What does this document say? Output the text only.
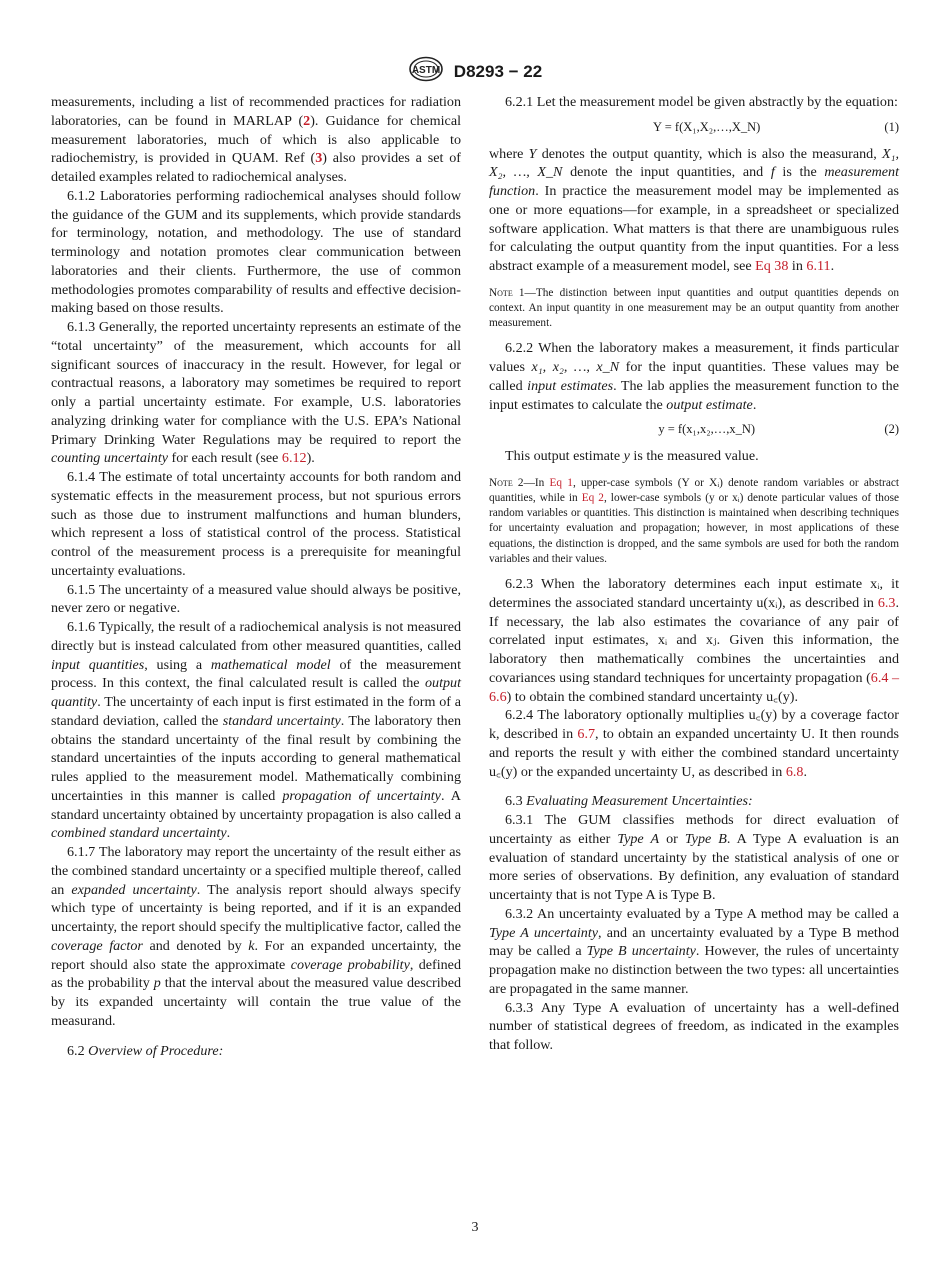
ASTM D8293 − 22

measurements, including a list of recommended practices for radiation laboratories, can be found in MARLAP (2). Guidance for chemical measurement laboratories, much of which is also applicable to radiochemistry, is provided in QUAM. Ref (3) also provides a set of detailed examples related to radiochemical analyses.

6.1.2 Laboratories performing radiochemical analyses should follow the guidance of the GUM and its supplements, which provide standards for terminology, notation, and methodology. The use of standard terminology and notation promotes clear communication between laboratories and their clients. Furthermore, the use of common methodologies promotes comparability of results and effective decision-making based on those results.

6.1.3 Generally, the reported uncertainty represents an estimate of the “total uncertainty” of the measurement, which accounts for all significant sources of inaccuracy in the result. However, for legal or contractual reasons, a laboratory may sometimes be required to report only a partial uncertainty estimate. For example, U.S. laboratories analyzing drinking water for compliance with the U.S. EPA’s National Primary Drinking Water Regulations may be required to report the counting uncertainty for each result (see 6.12).

6.1.4 The estimate of total uncertainty accounts for both random and systematic effects in the measurement process, but not spurious errors such as those due to instrument malfunctions and human blunders, which represent a loss of statistical control of the process. Statistical control of the measurement process is a prerequisite for meaningful uncertainty evaluations.

6.1.5 The uncertainty of a measured value should always be positive, never zero or negative.

6.1.6 Typically, the result of a radiochemical analysis is not measured directly but is instead calculated from other measured quantities, called input quantities, using a mathematical model of the measurement process. In this context, the final calculated result is called the output quantity. The uncertainty of each input is first estimated in the form of a standard deviation, called the standard uncertainty. The laboratory then obtains the standard uncertainty of the final result by combining the standard uncertainties of the inputs according to general mathematical rules applied to the measurement model. Mathematically combining uncertainties in this manner is called propagation of uncertainty. A standard uncertainty obtained by uncertainty propagation is also called a combined standard uncertainty.

6.1.7 The laboratory may report the uncertainty of the result either as the combined standard uncertainty or a specified multiple thereof, called an expanded uncertainty. The analysis report should always specify which type of uncertainty is being reported, and if it is an expanded uncertainty, the report should specify the multiplicative factor, called the coverage factor and denoted by k. For an expanded uncertainty, the report should also state the approximate coverage probability, defined as the probability p that the interval about the measured value described by its expanded uncertainty will contain the true value of the measurand.

6.2 Overview of Procedure:

6.2.1 Let the measurement model be given abstractly by the equation:

Y = f(X₁,X₂,…,X_N)	(1)

where Y denotes the output quantity, which is also the measurand, X₁, X₂, …, X_N denote the input quantities, and f is the measurement function. In practice the measurement model may be implemented as one or more equations—for example, in a spreadsheet or specialized software application. What matters is that there are unambiguous rules for calculating the output quantity from the input quantities. For a less abstract example of a measurement model, see Eq 38 in 6.11.

Note 1—The distinction between input quantities and output quantities depends on context. An input quantity in one measurement may be an output quantity from another measurement.

6.2.2 When the laboratory makes a measurement, it finds particular values x₁, x₂, …, x_N for the input quantities. These values may be called input estimates. The lab applies the measurement function to the input estimates to calculate the output estimate.

y = f(x₁,x₂,…,x_N)	(2)

This output estimate y is the measured value.

Note 2—In Eq 1, upper-case symbols (Y or Xᵢ) denote random variables or abstract quantities, while in Eq 2, lower-case symbols (y or xᵢ) denote particular values of those random variables or quantities. This distinction is maintained when describing techniques for uncertainty evaluation and propagation; however, in most applications of these equations, the distinction is dropped, and the same symbols are used for both the random variables and their values.

6.2.3 When the laboratory determines each input estimate xᵢ, it determines the associated standard uncertainty u(xᵢ), as described in 6.3. If necessary, the lab also estimates the covariance of any pair of correlated input estimates, xᵢ and xⱼ. Given this information, the laboratory then mathematically combines the uncertainties and covariances using standard techniques for uncertainty propagation (6.4 – 6.6) to obtain the combined standard uncertainty u꜀(y).

6.2.4 The laboratory optionally multiplies u꜀(y) by a coverage factor k, described in 6.7, to obtain an expanded uncertainty U. It then rounds and reports the result y with either the combined standard uncertainty u꜀(y) or the expanded uncertainty U, as described in 6.8.

6.3 Evaluating Measurement Uncertainties:

6.3.1 The GUM classifies methods for direct evaluation of uncertainty as either Type A or Type B. A Type A evaluation is an evaluation of standard uncertainty by the statistical analysis of one or more series of observations. By definition, any evaluation of standard uncertainty that is not Type A is Type B.

6.3.2 An uncertainty evaluated by a Type A method may be called a Type A uncertainty, and an uncertainty evaluated by a Type B method may be called a Type B uncertainty. However, the rules of uncertainty propagation make no distinction between the two types: all uncertainties are propagated in the same manner.

6.3.3 Any Type A evaluation of uncertainty has a well-defined number of statistical degrees of freedom, as indicated in the examples that follow.

3
